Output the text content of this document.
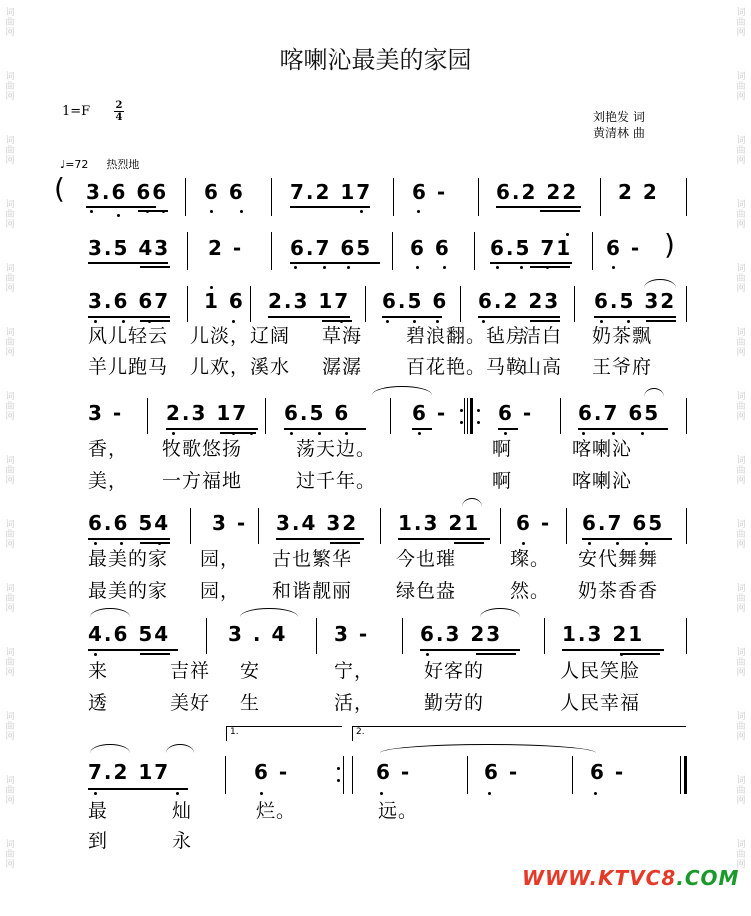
喀喇沁最美的家园
1=F	2
4	刘艳发 词
黄清林 曲
♩=72 热烈地
( 3.6 66 6 6 7.2 17 6 - 6.2 22 2 2
3.5 43 2 - 6.7 65 6 6 6.5 71 6 - )
3.6 67 1 6 2.3 17 6.5 6 6.2 23 6.5 32
风儿轻云 儿淡，辽阔 草海 碧浪翻。毡房
洁白 奶茶飘
羊儿跑马 儿欢，溪水 潺潺 百花艳。马鞍
山高 王爷府
3 - 2.3 17 6.5 6	6 -	6 - 6.7 65
香， 牧歌悠扬	荡天边。	啊	喀喇沁
美， 一方福地	过千年。	啊	喀喇沁
6.6 54 3 - 3.4 32 1.3 21 6 - 6.7 65
最美的家 园， 古也繁华 今也璀	璨。 安代舞舞
最美的家 园， 和谐靓丽 绿色盎	然。 奶茶香香
4.6 54	3 . 4 3 -	6.3 23	1.3 21
来	吉祥 安	宁，	好客的	人民笑脸
透	美好 生	活，	勤劳的	人民幸福
7.2 17	6 -	6 -	6 -	6 -
1.	2.
最	灿	烂。	远。
到	永
WWW.KTVC8.COM
词
曲
网
词
曲
网
词
曲
网
词
曲
网
词
曲
网
词
曲
网
词
曲
网
词
曲
网
词
曲
网
词
曲
网
词
曲
网
词
曲
网
词
曲
网
词
曲
网
词
曲
网
词
曲
网
词
曲
网
词
曲
网
词
曲
网
词
曲
网
词
曲
网
词
曲
网
词
曲
网
词
曲
网
词
曲
网
词
曲
网
词
曲
网
词
曲
网
